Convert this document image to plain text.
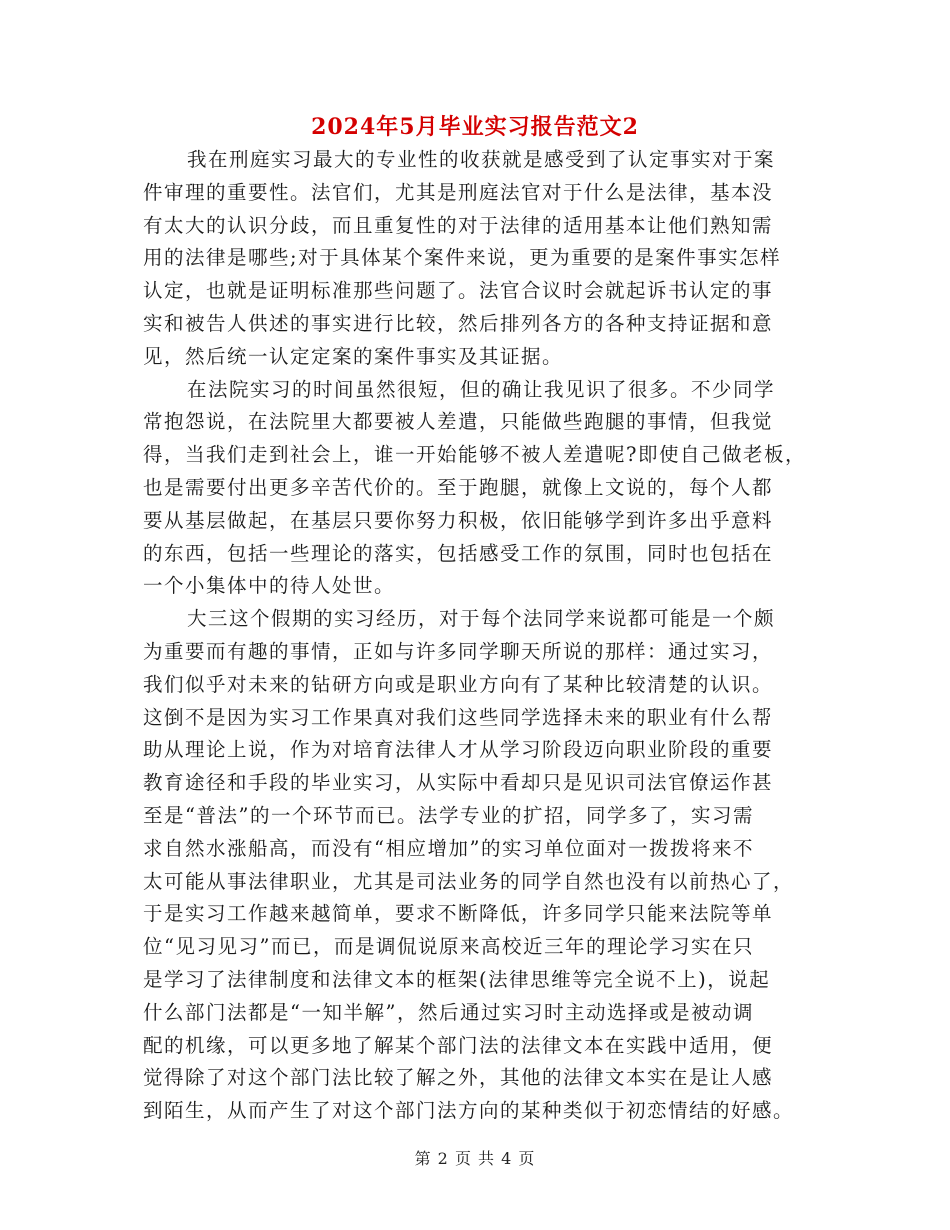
2024年5月毕业实习报告范文2
我在刑庭实习最大的专业性的收获就是感受到了认定事实对于案
件审理的重要性。法官们，尤其是刑庭法官对于什么是法律，基本没
有太大的认识分歧，而且重复性的对于法律的适用基本让他们熟知需
用的法律是哪些;对于具体某个案件来说，更为重要的是案件事实怎样
认定，也就是证明标准那些问题了。法官合议时会就起诉书认定的事
实和被告人供述的事实进行比较，然后排列各方的各种支持证据和意
见，然后统一认定定案的案件事实及其证据。
在法院实习的时间虽然很短，但的确让我见识了很多。不少同学
常抱怨说，在法院里大都要被人差遣，只能做些跑腿的事情，但我觉
得，当我们走到社会上，谁一开始能够不被人差遣呢?即使自己做老板，
也是需要付出更多辛苦代价的。至于跑腿，就像上文说的，每个人都
要从基层做起，在基层只要你努力积极，依旧能够学到许多出乎意料
的东西，包括一些理论的落实，包括感受工作的氛围，同时也包括在
一个小集体中的待人处世。
大三这个假期的实习经历，对于每个法同学来说都可能是一个颇
为重要而有趣的事情，正如与许多同学聊天所说的那样：通过实习，
我们似乎对未来的钻研方向或是职业方向有了某种比较清楚的认识。
这倒不是因为实习工作果真对我们这些同学选择未来的职业有什么帮
助从理论上说，作为对培育法律人才从学习阶段迈向职业阶段的重要
教育途径和手段的毕业实习，从实际中看却只是见识司法官僚运作甚
至是“普法”的一个环节而已。法学专业的扩招，同学多了，实习需
求自然水涨船高，而没有“相应增加”的实习单位面对一拨拨将来不
太可能从事法律职业，尤其是司法业务的同学自然也没有以前热心了，
于是实习工作越来越简单，要求不断降低，许多同学只能来法院等单
位“见习见习”而已，而是调侃说原来高校近三年的理论学习实在只
是学习了法律制度和法律文本的框架(法律思维等完全说不上)，说起
什么部门法都是“一知半解”，然后通过实习时主动选择或是被动调
配的机缘，可以更多地了解某个部门法的法律文本在实践中适用，便
觉得除了对这个部门法比较了解之外，其他的法律文本实在是让人感
到陌生，从而产生了对这个部门法方向的某种类似于初恋情结的好感。
第 2 页 共 4 页
